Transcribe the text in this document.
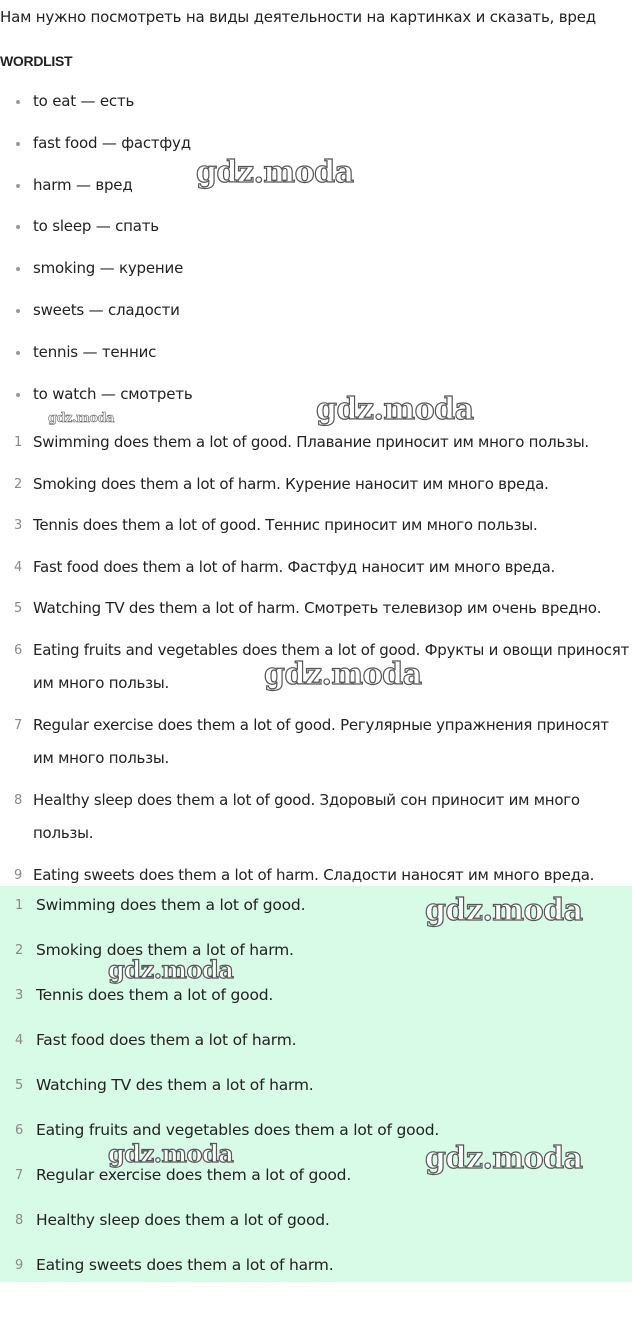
Нам нужно посмотреть на виды деятельности на картинках и сказать, вред
WORDLIST
to eat — есть
fast food — фастфуд
harm — вред
to sleep — спать
smoking — курение
sweets — сладости
tennis — теннис
to watch — смотреть
1 Swimming does them a lot of good. Плавание приносит им много пользы.
2 Smoking does them a lot of harm. Курение наносит им много вреда.
3 Tennis does them a lot of good. Теннис приносит им много пользы.
4 Fast food does them a lot of harm. Фастфуд наносит им много вреда.
5 Watching TV des them a lot of harm. Смотреть телевизор им очень вредно.
6 Eating fruits and vegetables does them a lot of good. Фрукты и овощи приносят им много пользы.
7 Regular exercise does them a lot of good. Регулярные упражнения приносят им много пользы.
8 Healthy sleep does them a lot of good. Здоровый сон приносит им много пользы.
9 Eating sweets does them a lot of harm. Сладости наносят им много вреда.
1 Swimming does them a lot of good.
2 Smoking does them a lot of harm.
3 Tennis does them a lot of good.
4 Fast food does them a lot of harm.
5 Watching TV des them a lot of harm.
6 Eating fruits and vegetables does them a lot of good.
7 Regular exercise does them a lot of good.
8 Healthy sleep does them a lot of good.
9 Eating sweets does them a lot of harm.
gdz.moda
gdz.moda	gdz.moda
gdz.moda
gdz.moda
gdz.moda
gdz.moda	gdz.moda
